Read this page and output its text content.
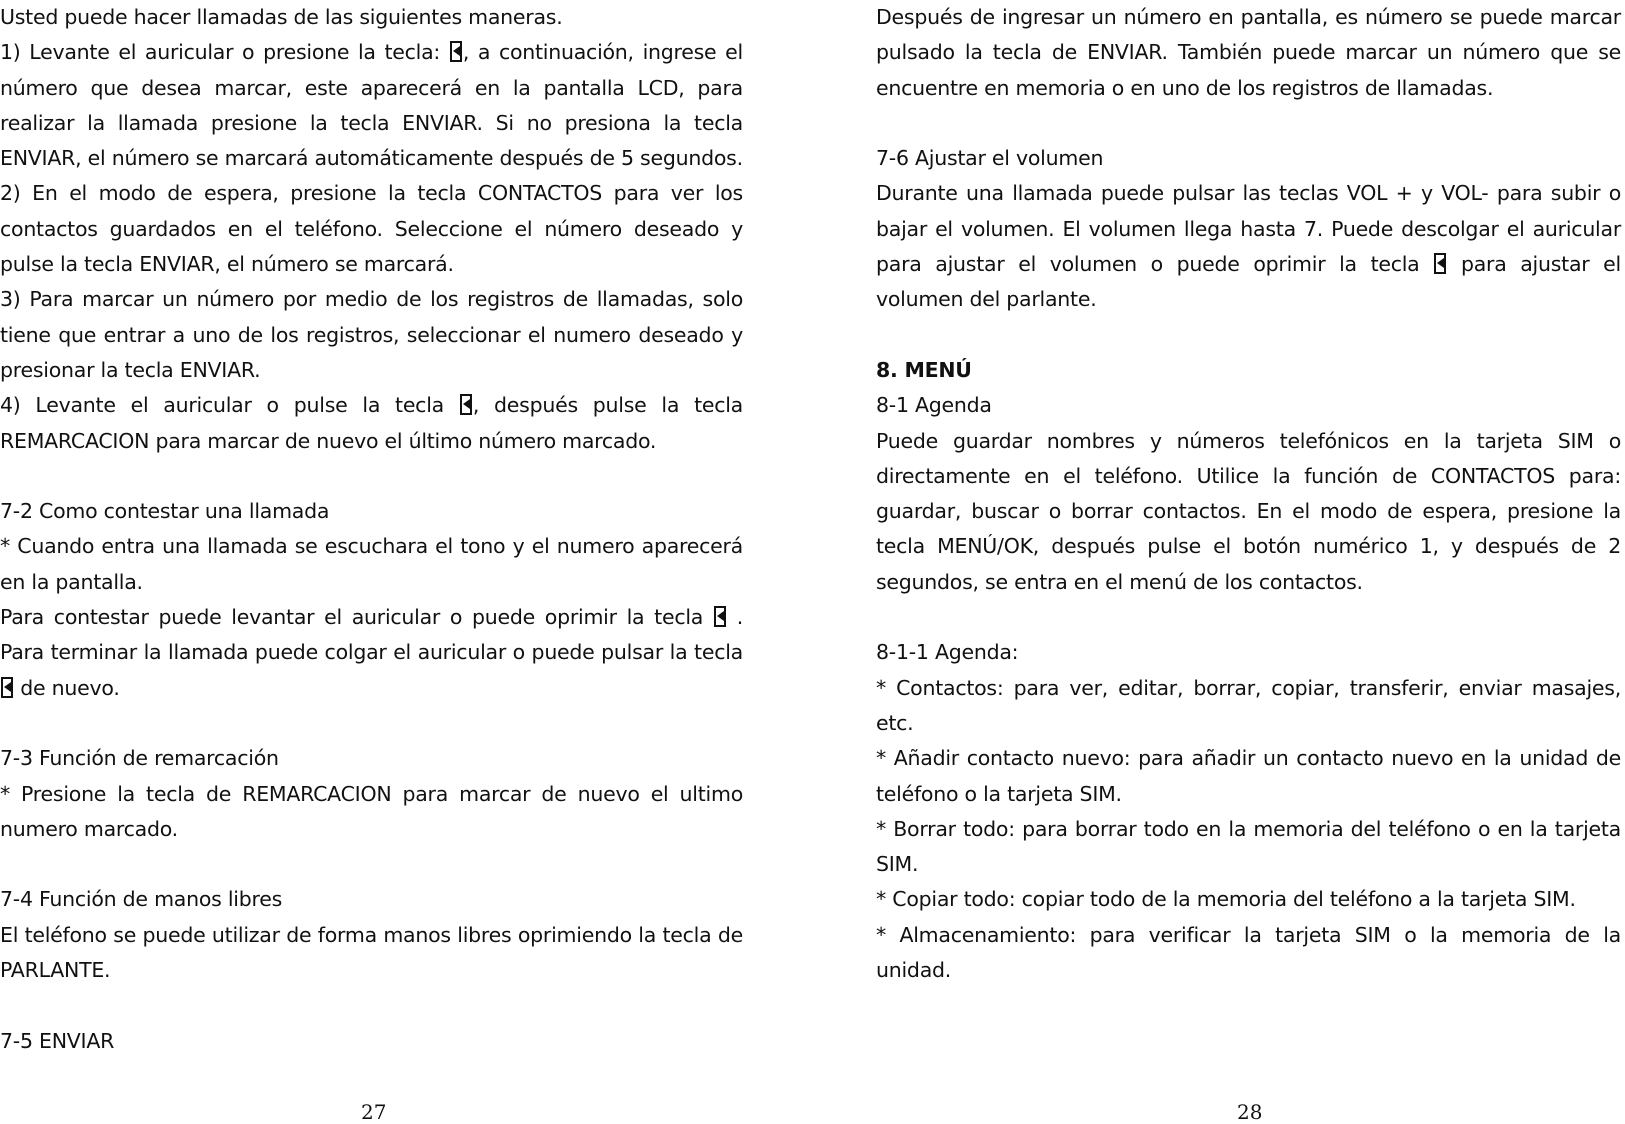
Usted puede hacer llamadas de las siguientes maneras.

1) Levante el auricular o presione la tecla: , a continuación, ingrese el número que desea marcar, este aparecerá en la pantalla LCD, para realizar la llamada presione la tecla ENVIAR. Si no presiona la tecla ENVIAR, el número se marcará automáticamente después de 5 segundos.

2) En el modo de espera, presione la tecla CONTACTOS para ver los contactos guardados en el teléfono. Seleccione el número deseado y pulse la tecla ENVIAR, el número se marcará.

3) Para marcar un número por medio de los registros de llamadas, solo tiene que entrar a uno de los registros, seleccionar el numero deseado y presionar la tecla ENVIAR.

4) Levante el auricular o pulse la tecla , después pulse la tecla REMARCACION para marcar de nuevo el último número marcado.

7-2 Como contestar una llamada

* Cuando entra una llamada se escuchara el tono y el numero aparecerá en la pantalla.

Para contestar puede levantar el auricular o puede oprimir la tecla  . Para terminar la llamada puede colgar el auricular o puede pulsar la tecla  de nuevo.

7-3 Función de remarcación

* Presione la tecla de REMARCACION para marcar de nuevo el ultimo numero marcado.

7-4 Función de manos libres

El teléfono se puede utilizar de forma manos libres oprimiendo la tecla de PARLANTE.

7-5 ENVIAR

Después de ingresar un número en pantalla, es número se puede marcar pulsado la tecla de ENVIAR. También puede marcar un número que se encuentre en memoria o en uno de los registros de llamadas.

7-6 Ajustar el volumen

Durante una llamada puede pulsar las teclas VOL + y VOL- para subir o bajar el volumen. El volumen llega hasta 7. Puede descolgar el auricular para ajustar el volumen o puede oprimir la tecla para ajustar el volumen del parlante.

8. MENÚ

8-1 Agenda

Puede guardar nombres y números telefónicos en la tarjeta SIM o directamente en el teléfono. Utilice la función de CONTACTOS para: guardar, buscar o borrar contactos. En el modo de espera, presione la tecla MENÚ/OK, después pulse el botón numérico 1, y después de 2 segundos, se entra en el menú de los contactos.

8-1-1 Agenda:

* Contactos: para ver, editar, borrar, copiar, transferir, enviar masajes, etc.

* Añadir contacto nuevo: para añadir un contacto nuevo en la unidad de teléfono o la tarjeta SIM.

* Borrar todo: para borrar todo en la memoria del teléfono o en la tarjeta SIM.

* Copiar todo: copiar todo de la memoria del teléfono a la tarjeta SIM.

* Almacenamiento: para verificar la tarjeta SIM o la memoria de la unidad.

27	28
